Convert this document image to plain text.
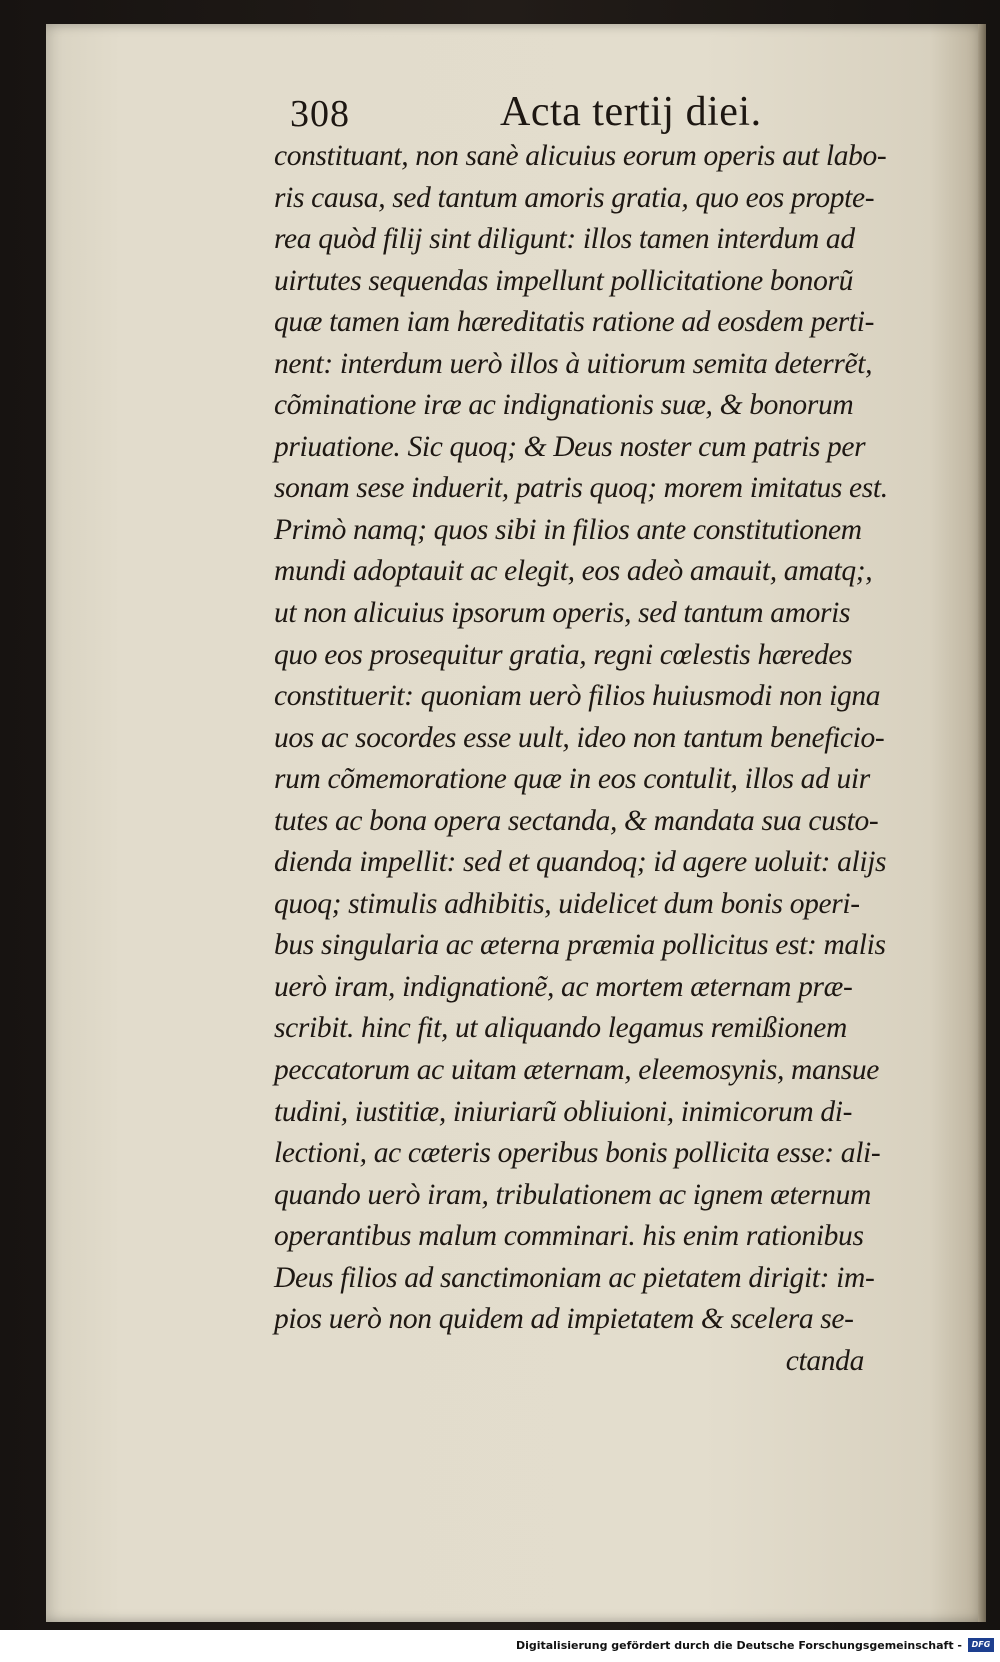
308	Acta tertij diei.
constituant, non sanè alicuius eorum operis aut labo-
ris causa, sed tantum amoris gratia, quo eos propte-
rea quòd filij sint diligunt: illos tamen interdum ad
uirtutes sequendas impellunt pollicitatione bonorũ
quæ tamen iam hæreditatis ratione ad eosdem perti-
nent: interdum uerò illos à uitiorum semita deterrẽt,
cõminatione iræ ac indignationis suæ, & bonorum
priuatione. Sic quoq; & Deus noster cum patris per
sonam sese induerit, patris quoq; morem imitatus est.
Primò namq; quos sibi in filios ante constitutionem
mundi adoptauit ac elegit, eos adeò amauit, amatq;,
ut non alicuius ipsorum operis, sed tantum amoris
quo eos prosequitur gratia, regni cœlestis hæredes
constituerit: quoniam uerò filios huiusmodi non igna
uos ac socordes esse uult, ideo non tantum beneficio-
rum cõmemoratione quæ in eos contulit, illos ad uir
tutes ac bona opera sectanda, & mandata sua custo-
dienda impellit: sed et quandoq; id agere uoluit: alijs
quoq; stimulis adhibitis, uidelicet dum bonis operi-
bus singularia ac æterna præmia pollicitus est: malis
uerò iram, indignationẽ, ac mortem æternam præ-
scribit. hinc fit, ut aliquando legamus remißionem
peccatorum ac uitam æternam, eleemosynis, mansue
tudini, iustitiæ, iniuriarũ obliuioni, inimicorum di-
lectioni, ac cæteris operibus bonis pollicita esse: ali-
quando uerò iram, tribulationem ac ignem æternum
operantibus malum comminari. his enim rationibus
Deus filios ad sanctimoniam ac pietatem dirigit: im-
pios uerò non quidem ad impietatem & scelera se-
ctanda
Digitalisierung gefördert durch die Deutsche Forschungsgemeinschaft -	DFG
